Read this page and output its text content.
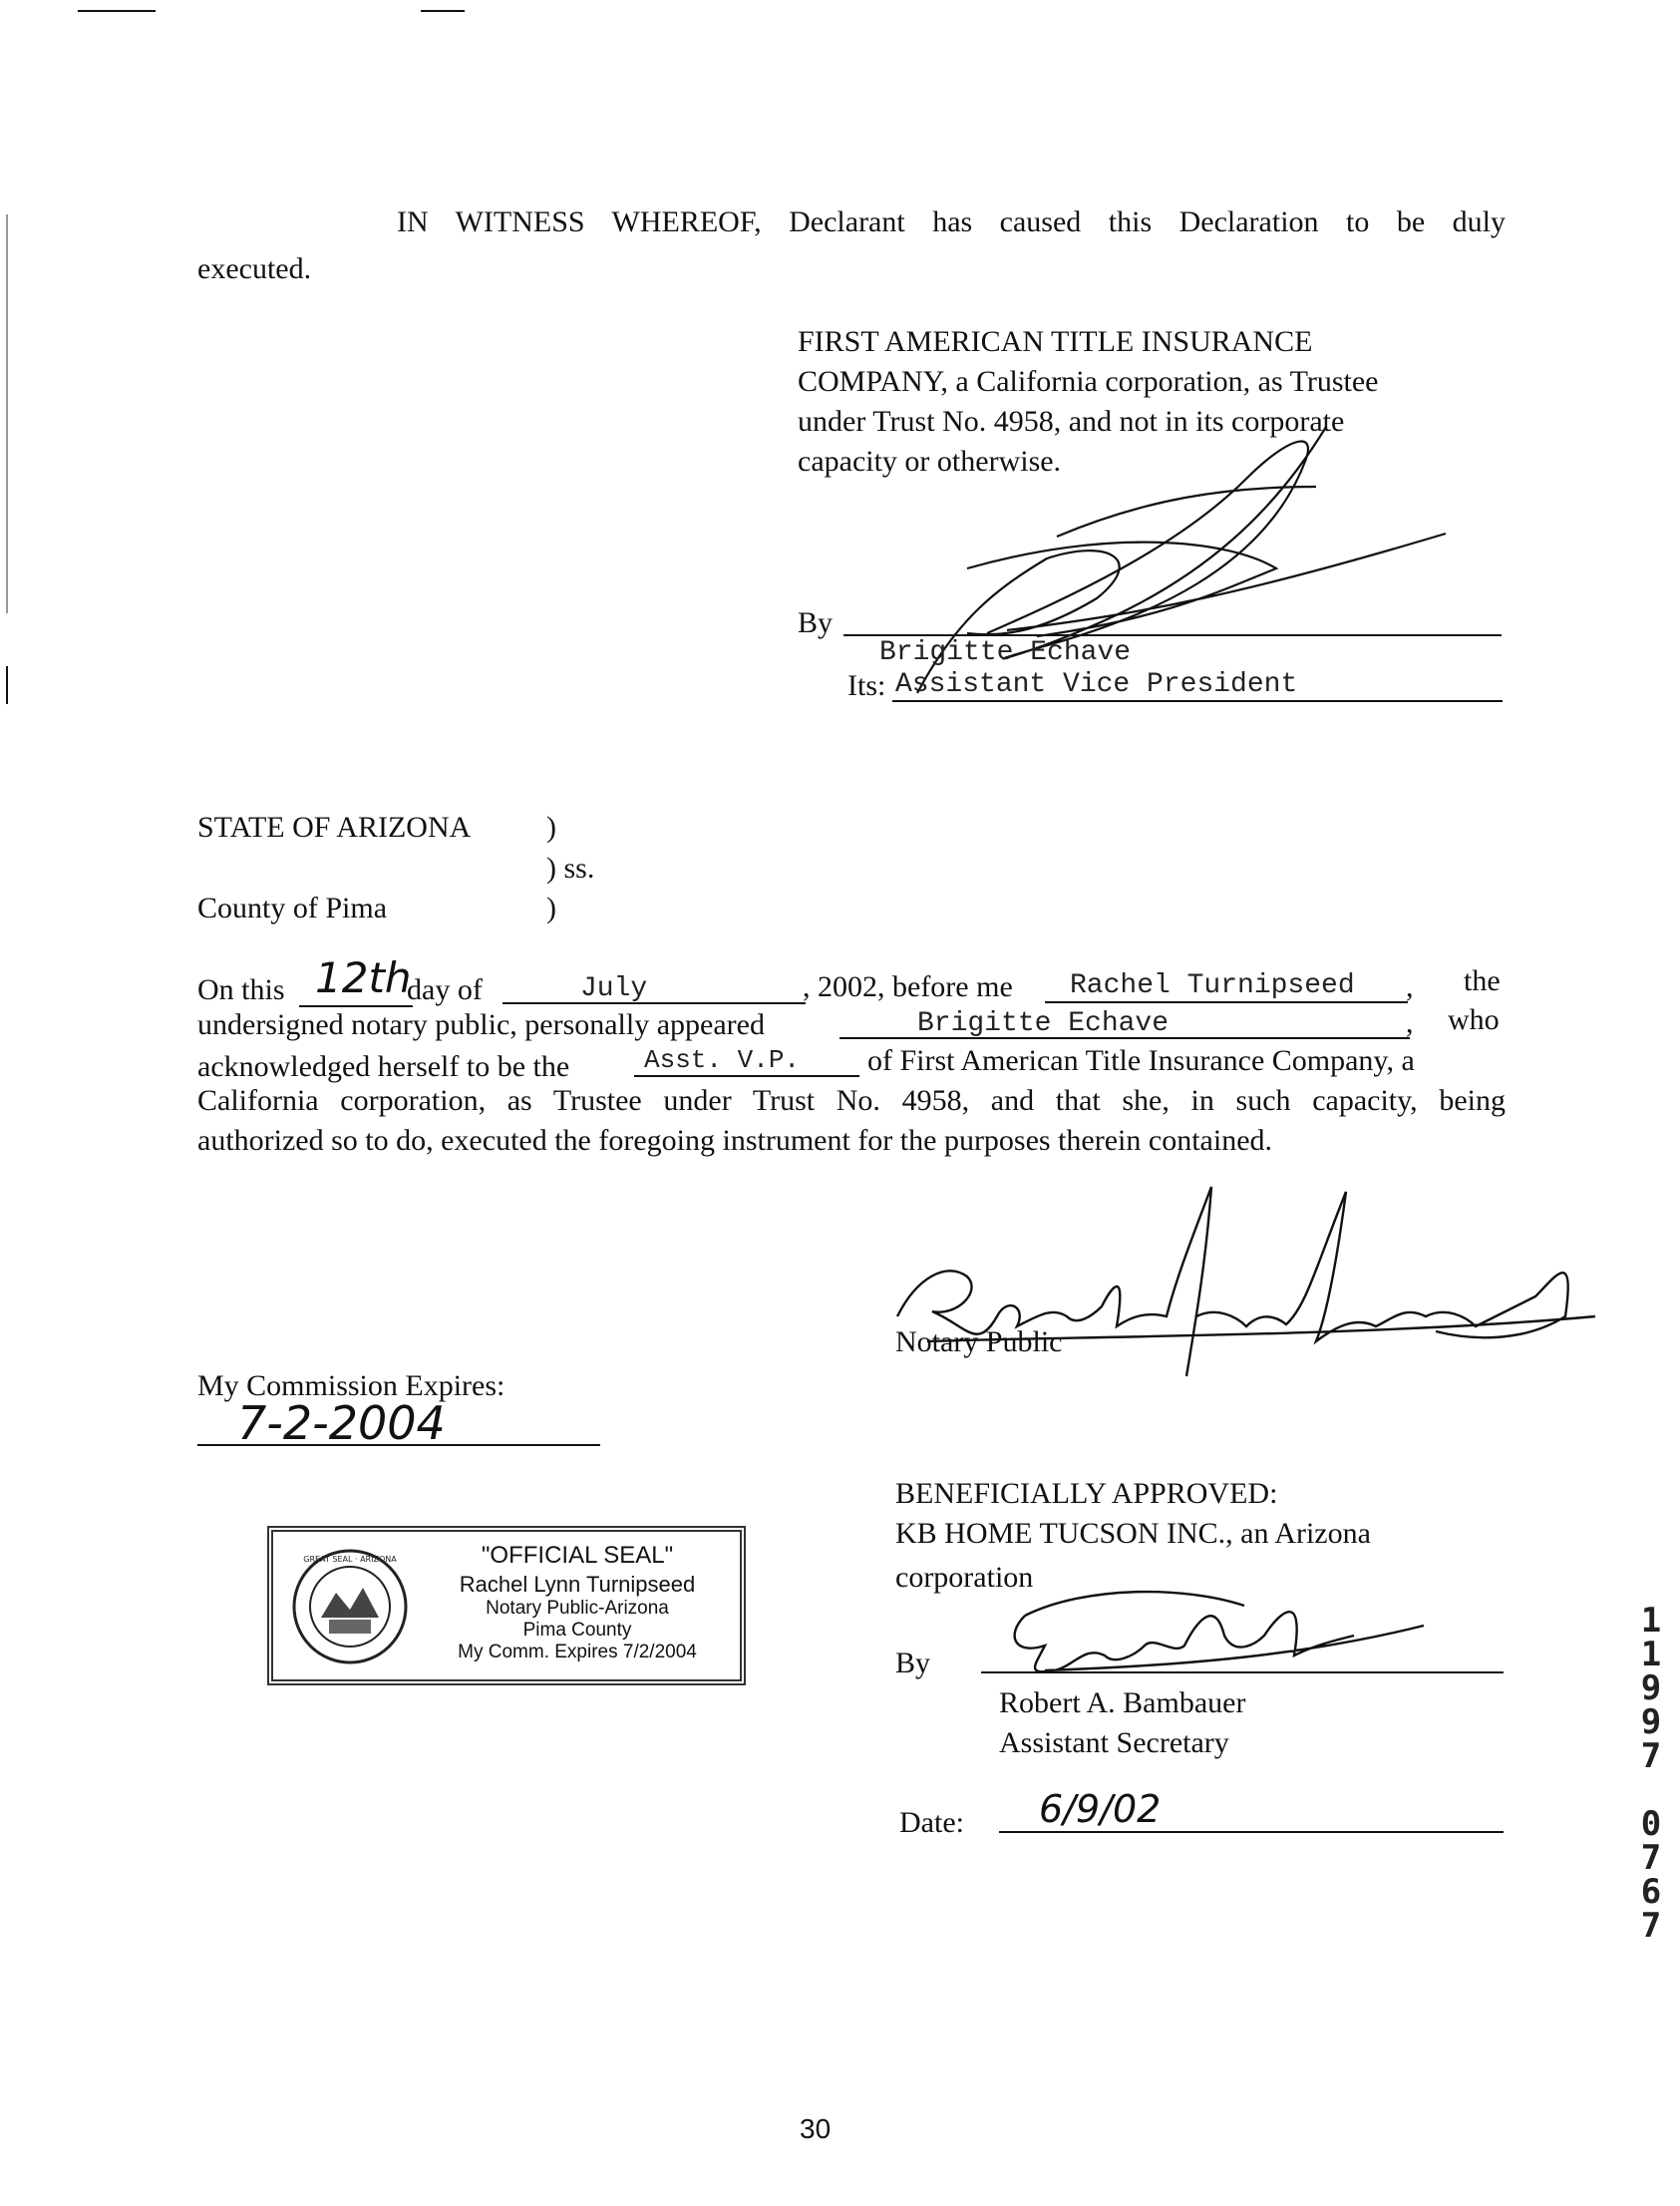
IN WITNESS WHEREOF, Declarant has caused this Declaration to be duly
executed.
FIRST AMERICAN TITLE INSURANCE
COMPANY, a California corporation, as Trustee
under Trust No. 4958, and not in its corporate
capacity or otherwise.
By
Brigitte Echave
Its: Assistant Vice President
STATE OF ARIZONA	)
) ss.
County of Pima	)
On this 12th
day of	July	, 2002, before me Rachel Turnipseed , the
undersigned notary public, personally appeared	Brigitte Echave	, who
acknowledged herself to be the	Asst. V.P. of First American Title Insurance Company, a
California corporation, as Trustee under Trust No. 4958, and that she, in such capacity, being
authorized so to do, executed the foregoing instrument for the purposes therein contained.
Notary Public
My Commission Expires:
7-2-2004
GREAT SEAL · ARIZONA	"OFFICIAL SEAL"
Rachel Lynn Turnipseed
Notary Public-Arizona
Pima County
My Comm. Expires 7/2/2004
BENEFICIALLY APPROVED:
KB HOME TUCSON INC., an Arizona
corporation
By
Robert A. Bambauer
Assistant Secretary
Date: 6/9/02
1
1
9
9
7
0
7
6
7
30
